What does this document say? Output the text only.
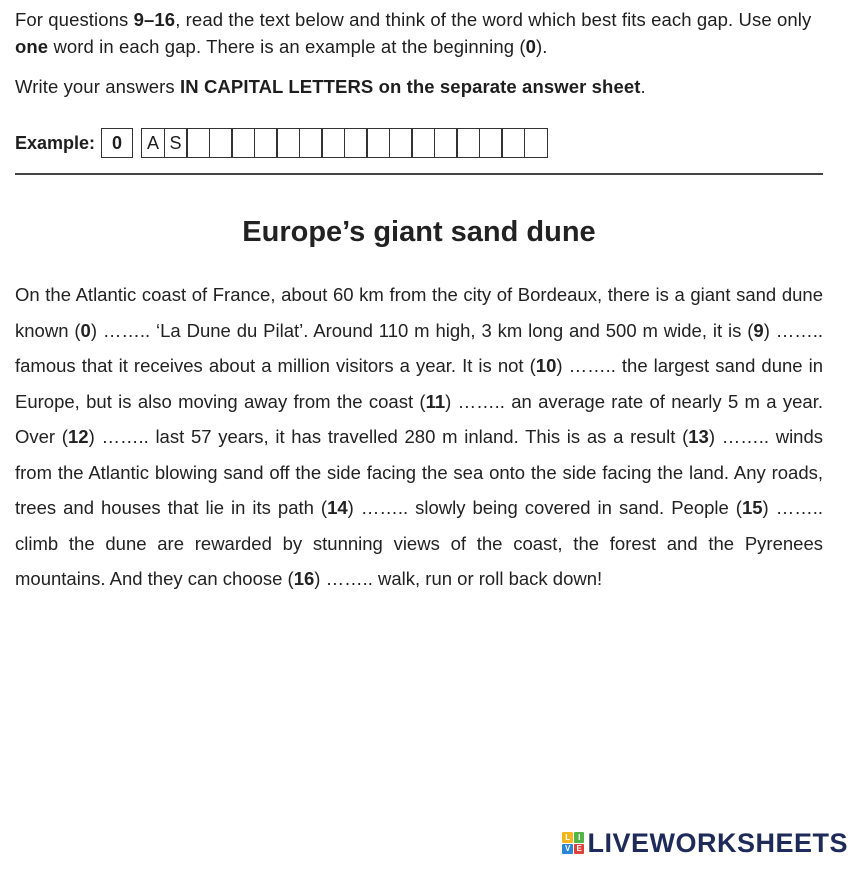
For questions 9–16, read the text below and think of the word which best fits each gap. Use only one word in each gap. There is an example at the beginning (0).

Write your answers IN CAPITAL LETTERS on the separate answer sheet.

Example: 0	A S
Europe’s giant sand dune

On the Atlantic coast of France, about 60 km from the city of Bordeaux, there is a giant sand dune known (0) …….. ‘La Dune du Pilat’. Around 110 m high, 3 km long and 500 m wide, it is (9) …….. famous that it receives about a million visitors a year. It is not (10) …….. the largest sand dune in Europe, but is also moving away from the coast (11) …….. an average rate of nearly 5 m a year. Over (12) …….. last 57 years, it has travelled 280 m inland. This is as a result (13) …….. winds from the Atlantic blowing sand off the side facing the sea onto the side facing the land. Any roads, trees and houses that lie in its path (14) …….. slowly being covered in sand. People (15) …….. climb the dune are rewarded by stunning views of the coast, the forest and the Pyrenees mountains. And they can choose (16) …….. walk, run or roll back down!

L I
V E LIVEWORKSHEETS
